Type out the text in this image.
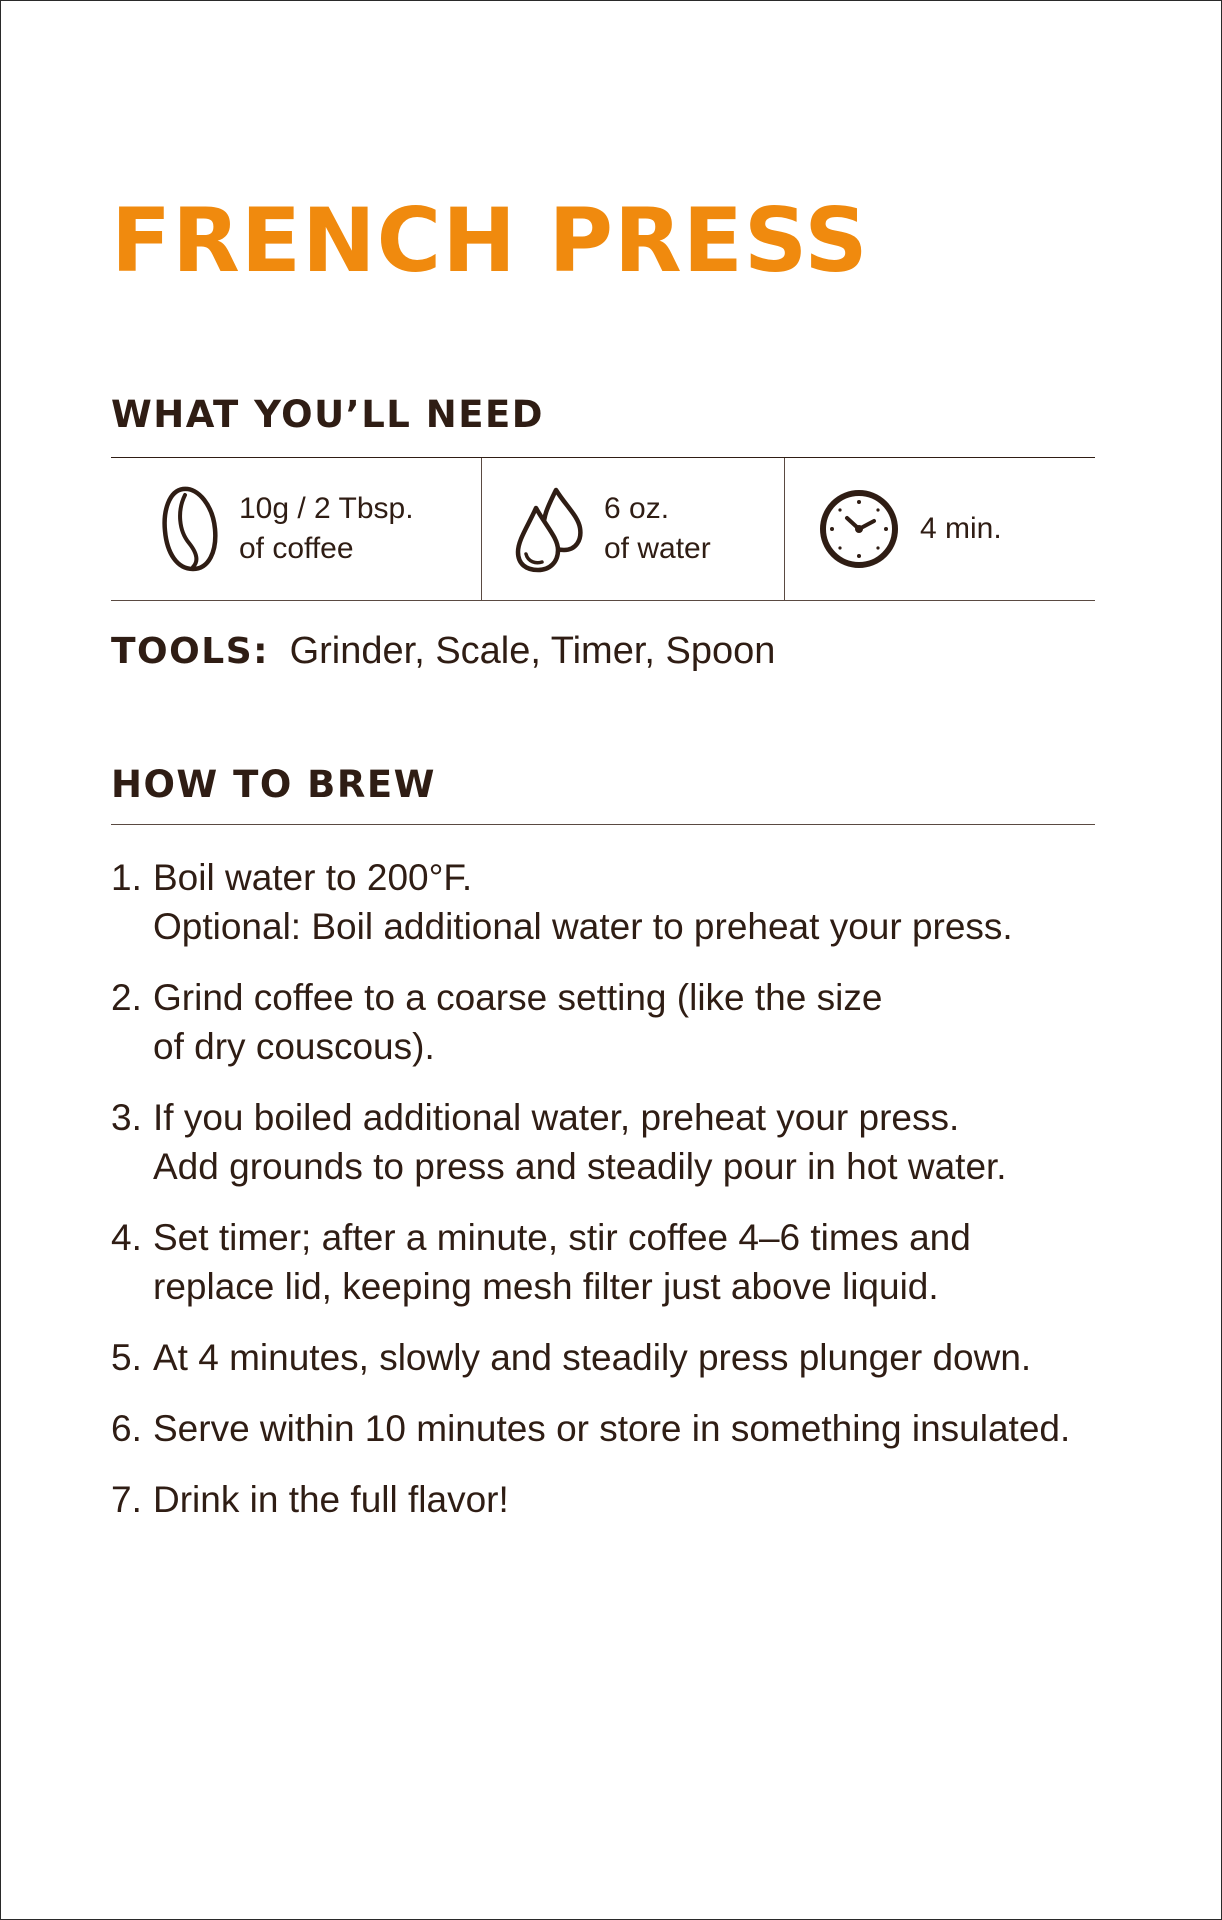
FRENCH PRESS
WHAT YOU’LL NEED
10g / 2 Tbsp.
of coffee
6 oz.
of water
4 min.
TOOLS: Grinder, Scale, Timer, Spoon
HOW TO BREW
1. Boil water to 200°F.
Optional: Boil additional water to preheat your press.
2. Grind coffee to a coarse setting (like the size
of dry couscous).
3. If you boiled additional water, preheat your press.
Add grounds to press and steadily pour in hot water.
4. Set timer; after a minute, stir coffee 4–6 times and
replace lid, keeping mesh filter just above liquid.
5. At 4 minutes, slowly and steadily press plunger down.
6. Serve within 10 minutes or store in something insulated.
7. Drink in the full flavor!
